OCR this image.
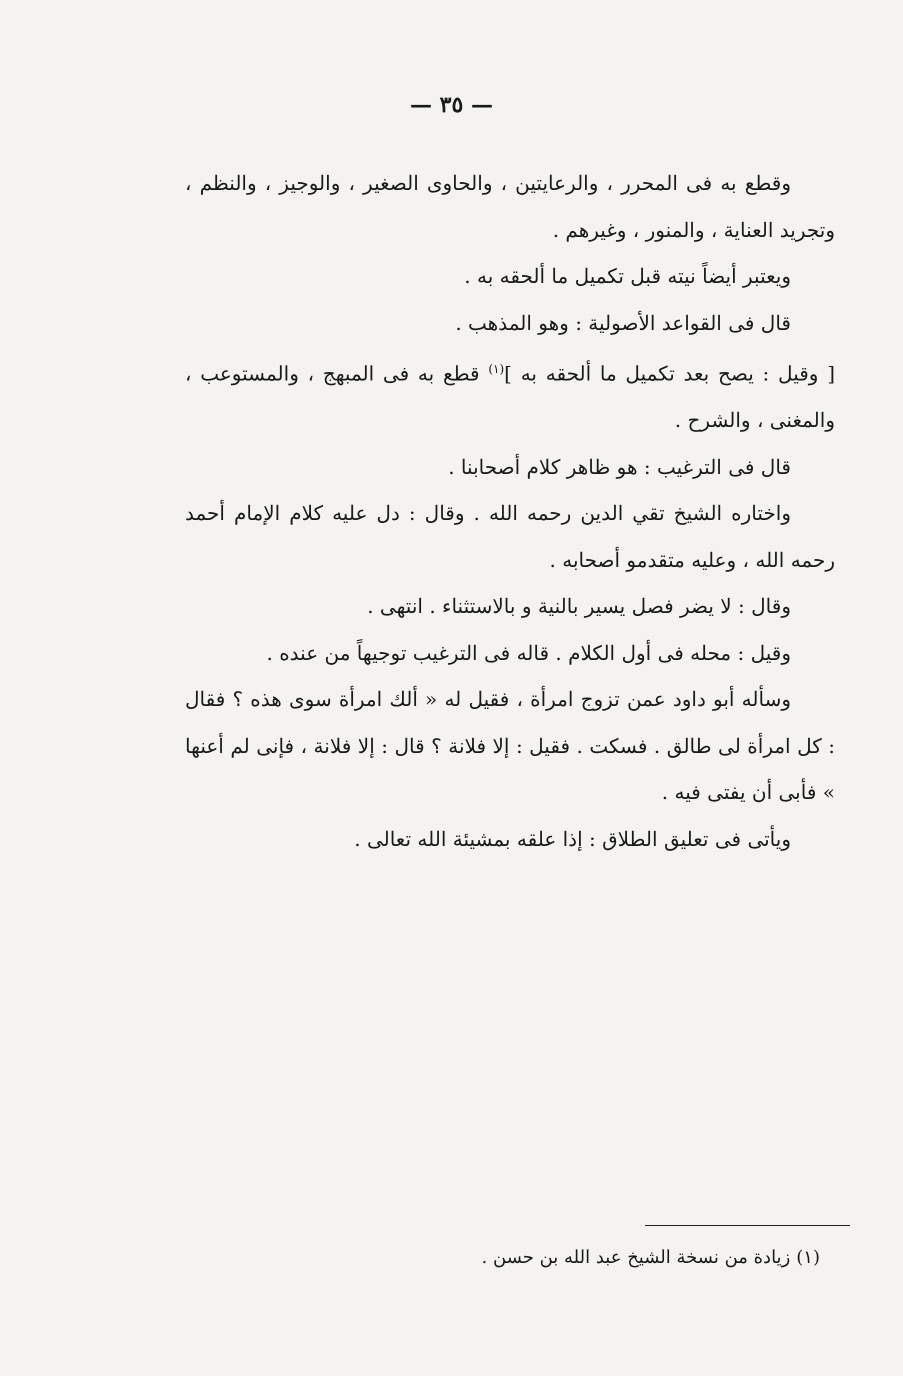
— ٣٥ —

وقطع به فى المحرر ، والرعايتين ، والحاوى الصغير ، والوجيز ، والنظم ، وتجريد العناية ، والمنور ، وغيرهم .

ويعتبر أيضاً نيته قبل تكميل ما ألحقه به .

قال فى القواعد الأصولية : وهو المذهب .

[ وقيل : يصح بعد تكميل ما ألحقه به ]$^{(١)}$ قطع به فى المبهج ، والمستوعب ، والمغنى ، والشرح .

قال فى الترغيب : هو ظاهر كلام أصحابنا .

واختاره الشيخ تقي الدين رحمه الله . وقال : دل عليه كلام الإمام أحمد رحمه الله ، وعليه متقدمو أصحابه .

وقال : لا يضر فصل يسير بالنية و بالاستثناء . انتهى .

وقيل : محله فى أول الكلام . قاله فى الترغيب توجيهاً من عنده .

وسأله أبو داود عمن تزوج امرأة ، فقيل له « ألك امرأة سوى هذه ؟ فقال : كل امرأة لى طالق . فسكت . فقيل : إلا فلانة ؟ قال : إلا فلانة ، فإنى لم أعنها » فأبى أن يفتى فيه .

ويأتى فى تعليق الطلاق : إذا علقه بمشيئة الله تعالى .

(١)زيادة من نسخة الشيخ عبد الله بن حسن .
